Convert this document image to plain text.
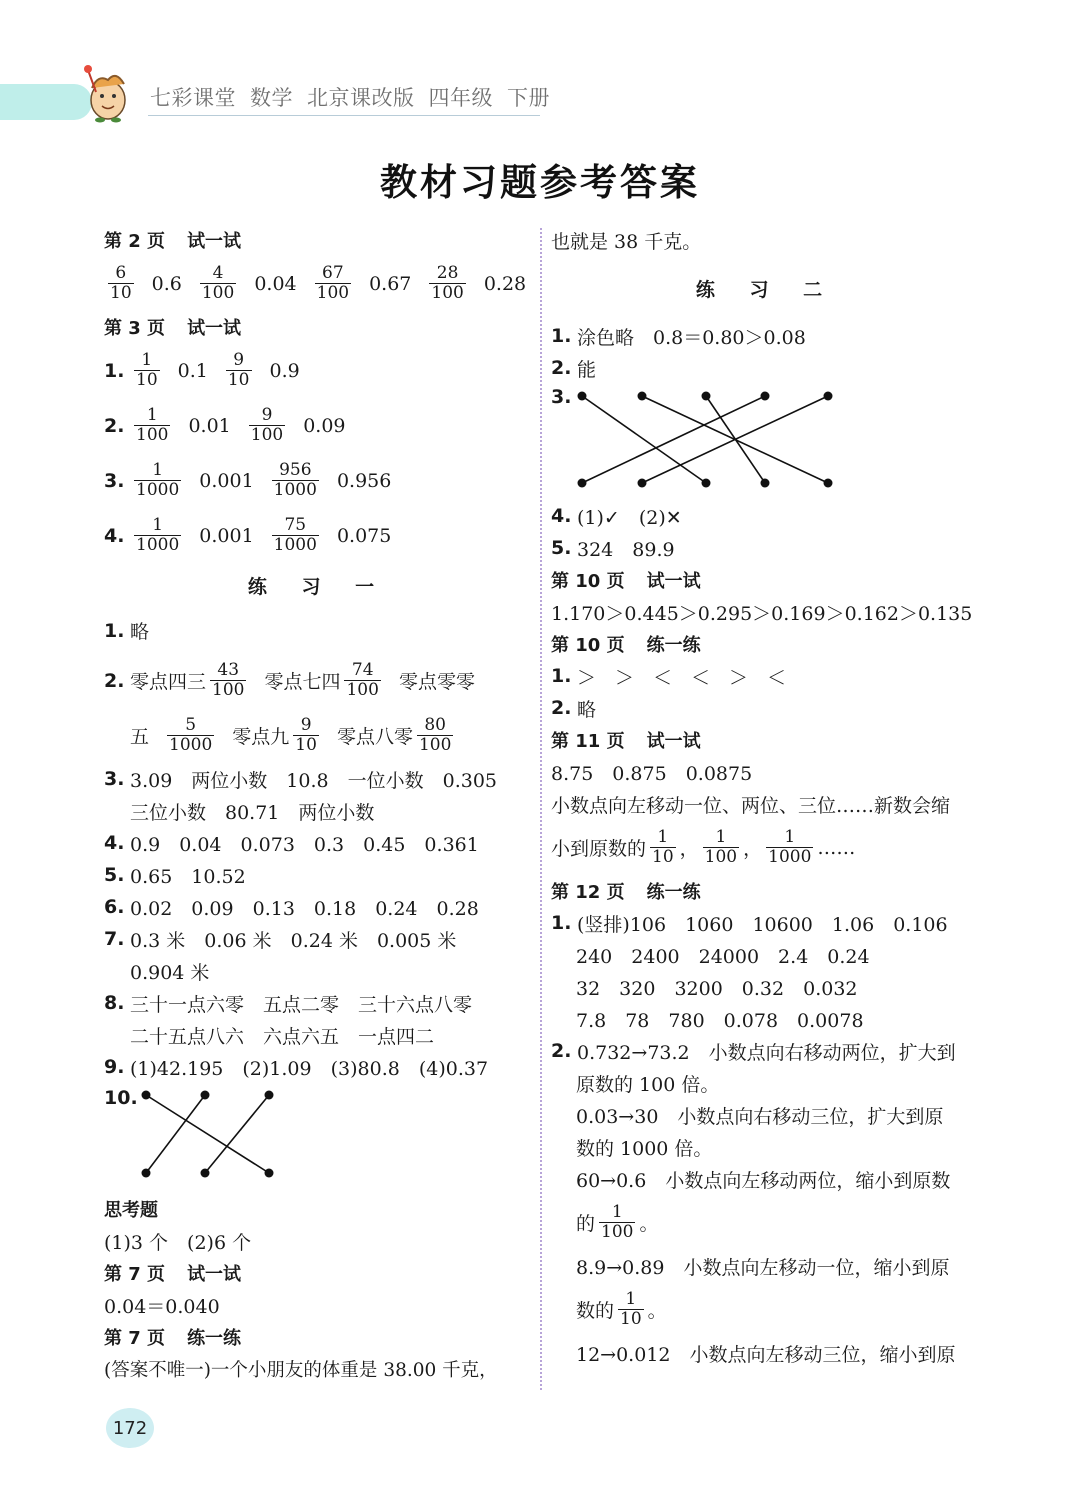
七彩课堂 数学 北京课改版 四年级 下册
教材习题参考答案
第 2 页 试一试
$\frac{6}{10} 0.6 \frac{4}{100} 0.04 \frac{67}{100} 0.67 \frac{28}{100} 0.28$
第 3 页 试一试
1. $\frac{1}{10} 0.1 \frac{9}{10} 0.9$
2. $\frac{1}{100} 0.01 \frac{9}{100} 0.09$
3. $\frac{1}{1000} 0.001 \frac{956}{1000} 0.956$
4. $\frac{1}{1000} 0.001 \frac{75}{1000} 0.075$
练 习 一
1. 略
2. 零点四三 $\frac{43}{100}$ 零点七四 $\frac{74}{100}$ 零点零零
五 $\frac{5}{1000}$ 零点九 $\frac{9}{10}$ 零点八零 $\frac{80}{100}$
3. 3.09　两位小数　10.8　一位小数　0.305
三位小数　80.71　两位小数
4. 0.9　0.04　0.073　0.3　0.45　0.361
5. 0.65　10.52
6. 0.02　0.09　0.13　0.18　0.24　0.28
7. 0.3 米　0.06 米　0.24 米　0.005 米
0.904 米
8. 三十一点六零　五点二零　三十六点八零
二十五点八六　六点六五　一点四二
9. (1)42.195　(2)1.09　(3)80.8　(4)0.37
10.
思考题
(1)3 个　(2)6 个
第 7 页 试一试
0.04＝0.040
第 7 页 练一练
(答案不唯一)一个小朋友的体重是 38.00 千克，
也就是 38 千克。
练 习 二
1. 涂色略　0.8＝0.80＞0.08
2. 能
3.
4. (1)✓　(2)✕
5. 324　89.9
第 10 页 试一试
1.170＞0.445＞0.295＞0.169＞0.162＞0.135
第 10 页 练一练
1. ＞　＞　＜　＜　＞　＜
2. 略
第 11 页 试一试
8.75　0.875　0.0875
小数点向左移动一位、两位、三位……新数会缩
小到原数的 $\frac{1}{10}$ ， $\frac{1}{100}$ ， $\frac{1}{1000}$ ……
第 12 页 练一练
1. (竖排)106　1060　10600　1.06　0.106
240　2400　24000　2.4　0.24
32　320　3200　0.32　0.032
7.8　78　780　0.078　0.0078
2. 0.732→73.2　小数点向右移动两位，扩大到
原数的 100 倍。
0.03→30　小数点向右移动三位，扩大到原
数的 1000 倍。
60→0.6　小数点向左移动两位，缩小到原数
的 $\frac{1}{100}$ 。
8.9→0.89　小数点向左移动一位，缩小到原
数的 $\frac{1}{10}$ 。
12→0.012　小数点向左移动三位，缩小到原
172
